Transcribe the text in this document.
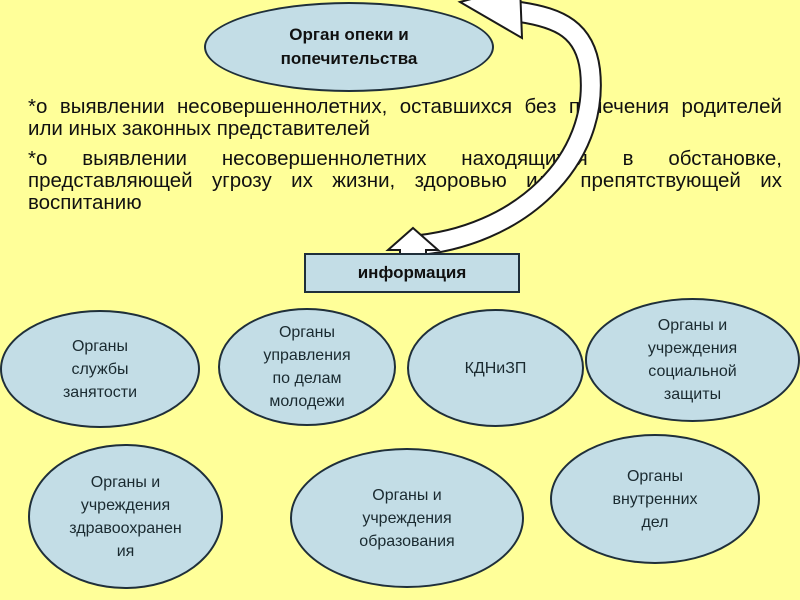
Орган опеки и
попечительства

*о выявлении несовершеннолетних, оставшихся без попечения родителей или иных законных представителей

*о выявлении несовершеннолетних находящихся в обстановке, представляющей угрозу их жизни, здоровью или препятствующей их воспитанию

информация
Органы
службы
занятости
Органы
управления
по делам
молодежи
КДНиЗП
Органы и
учреждения
социальной
защиты
Органы и
учреждения
здравоохранен
ия
Органы и
учреждения
образования
Органы
внутренних
дел
